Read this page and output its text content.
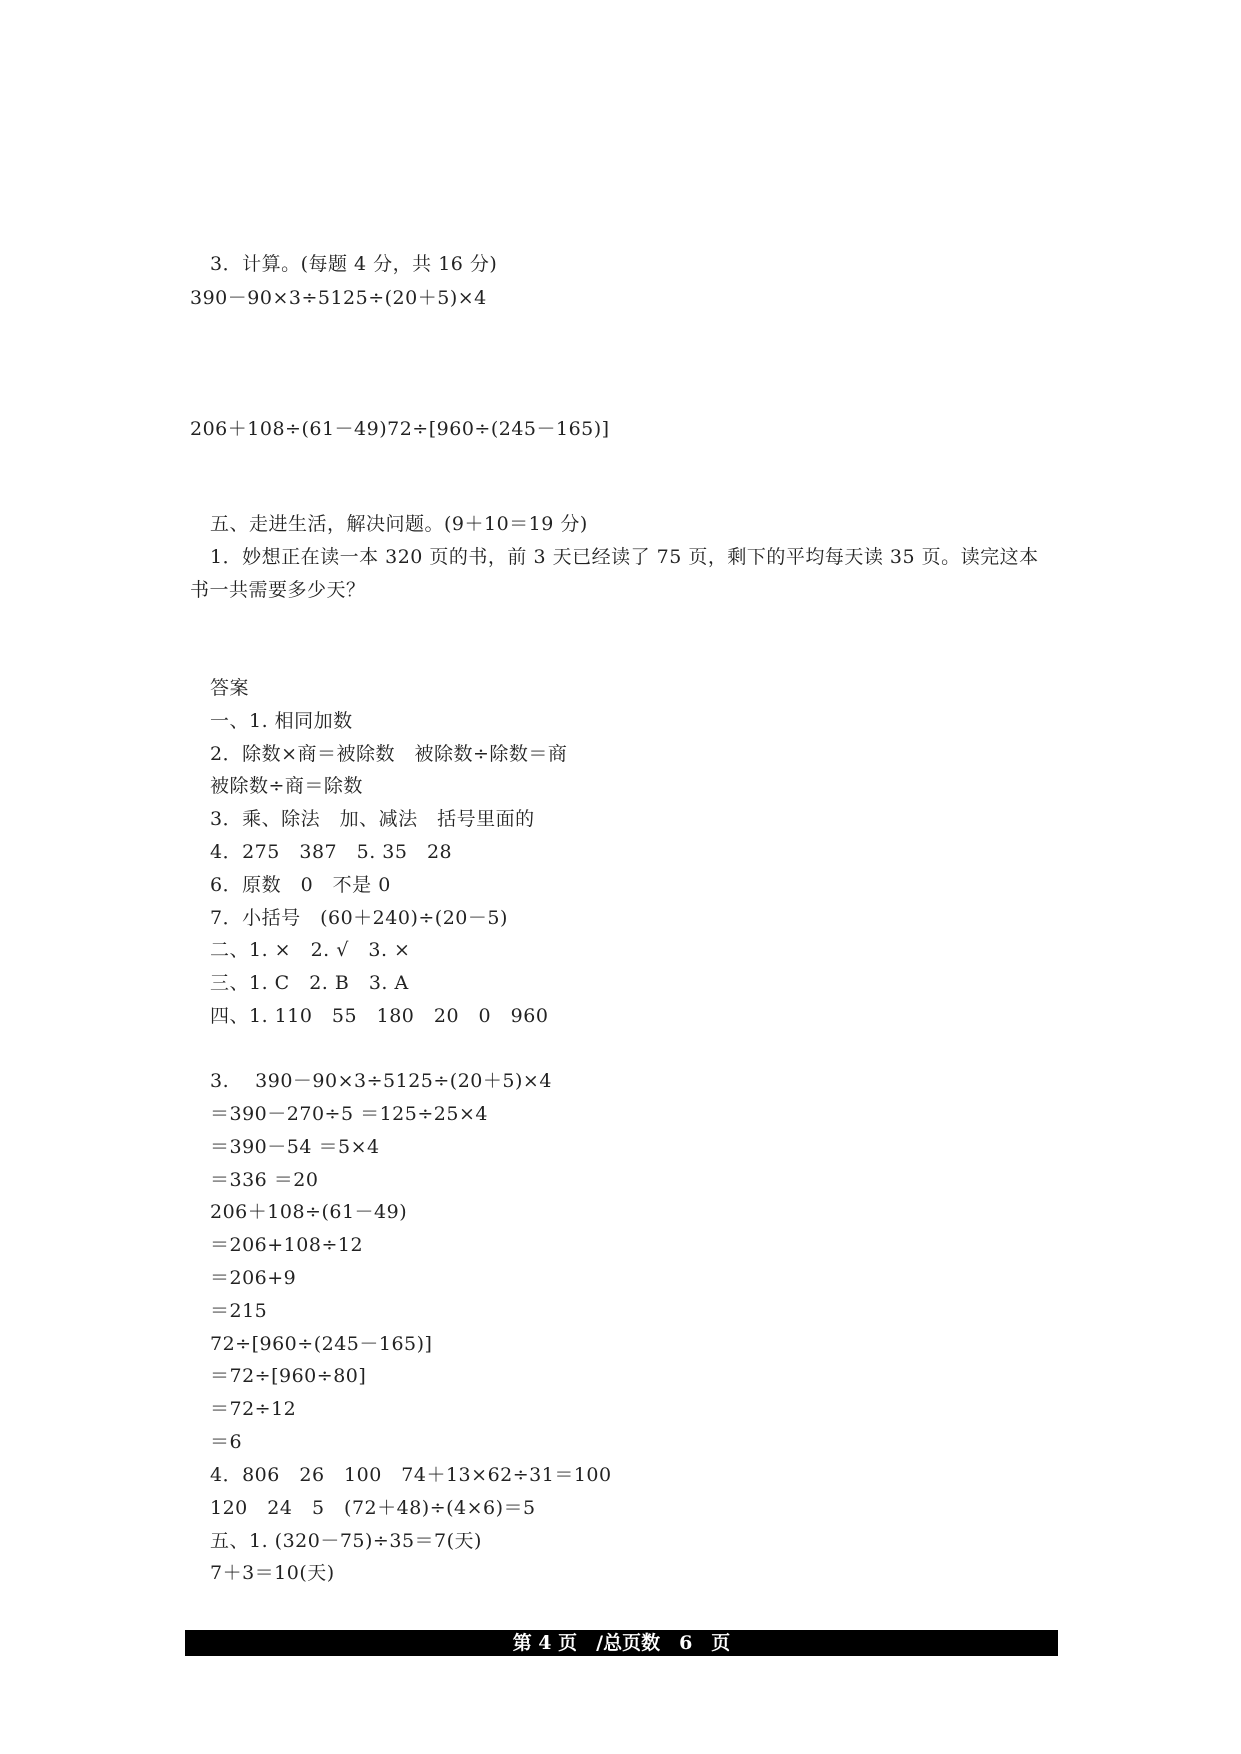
3．计算。(每题 4 分，共 16 分)
390－90×3÷5125÷(20＋5)×4
206＋108÷(61－49)72÷[960÷(245－165)]
五、走进生活，解决问题。(9＋10＝19 分)
1．妙想正在读一本 320 页的书，前 3 天已经读了 75 页，剩下的平均每天读 35 页。读完这本
书一共需要多少天？
答案
一、1. 相同加数
2．除数×商＝被除数　被除数÷除数＝商
被除数÷商＝除数
3．乘、除法　加、减法　括号里面的
4．275　387　5. 35　28
6．原数　0　不是 0
7．小括号　(60＋240)÷(20－5)
二、1. ×　2. √　3. ×
三、1. C　2. B　3. A
四、1. 110　55　180　20　0　960
3.　 390－90×3÷5125÷(20＋5)×4
＝390－270÷5 ＝125÷25×4
＝390－54 ＝5×4
＝336 ＝20
206＋108÷(61－49)
＝206+108÷12
＝206+9
＝215
72÷[960÷(245－165)]
＝72÷[960÷80]
＝72÷12
＝6
4．806　26　100　74＋13×62÷31＝100
120　24　5　(72＋48)÷(4×6)＝5
五、1. (320－75)÷35＝7(天)
7＋3＝10(天)
第 4 页　/总页数　6　页
